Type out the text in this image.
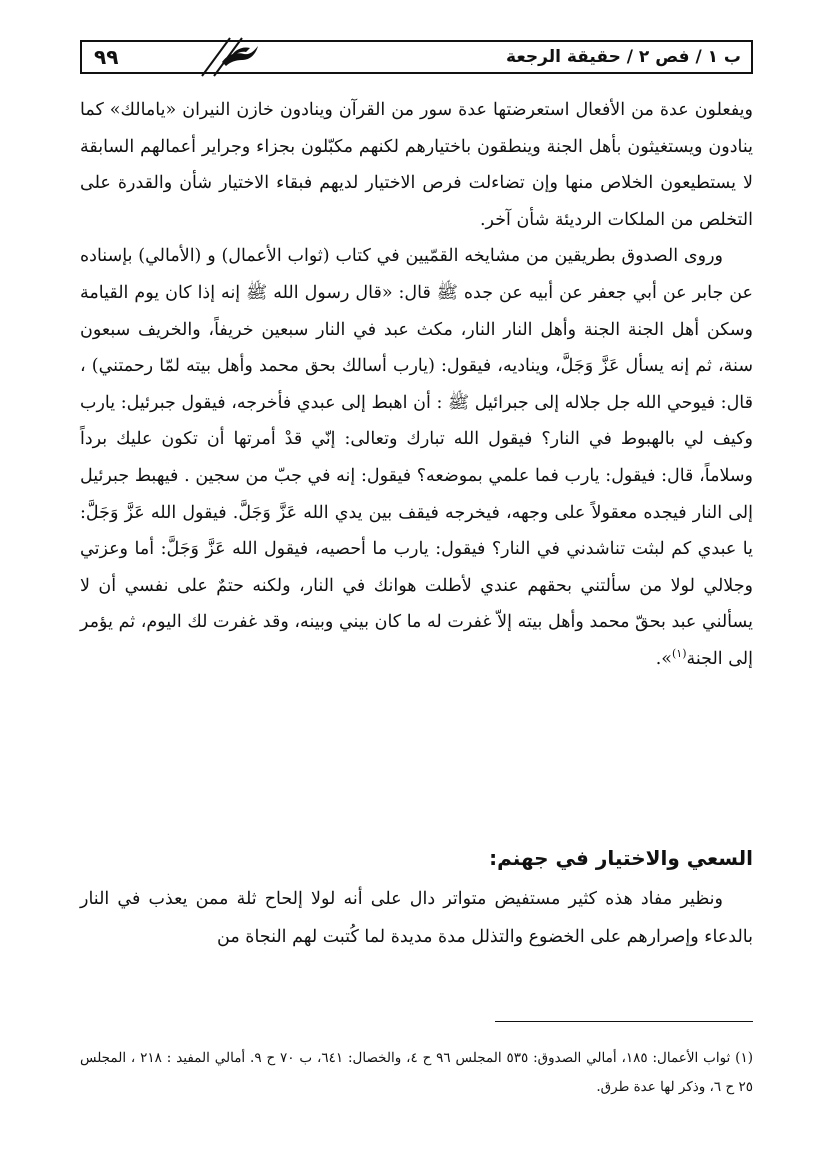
٩٩	ب ١ / فص ٢ / حقيقة الرجعة

ويفعلون عدة من الأفعال استعرضتها عدة سور من القرآن وينادون خازن النيران «يامالك» كما ينادون ويستغيثون بأهل الجنة وينطقون باختيارهم لكنهم مكبّلون بجزاء وجراير أعمالهم السابقة لا يستطيعون الخلاص منها وإن تضاءلت فرص الاختيار لديهم فبقاء الاختيار شأن والقدرة على التخلص من الملكات الرديئة شأن آخر.

وروى الصدوق بطريقين من مشايخه القمّيين في كتاب (ثواب الأعمال) و (الأمالي) بإسناده عن جابر عن أبي جعفر عن أبيه عن جده ﷺ قال: «قال رسول الله ﷺ إنه إذا كان يوم القيامة وسكن أهل الجنة الجنة وأهل النار النار، مكث عبد في النار سبعين خريفاً، والخريف سبعون سنة، ثم إنه يسأل عَزَّ وَجَلَّ، ويناديه، فيقول: (يارب أسالك بحق محمد وأهل بيته لمّا رحمتني) ، قال: فيوحي الله جل جلاله إلى جبرائيل ﷺ : أن اهبط إلى عبدي فأخرجه، فيقول جبرئيل: يارب وكيف لي بالهبوط في النار؟ فيقول الله تبارك وتعالى: إنّي قدْ أمرتها أن تكون عليك برداً وسلاماً، قال: فيقول: يارب فما علمي بموضعه؟ فيقول: إنه في جبّ من سجين . فيهبط جبرئيل إلى النار فيجده معقولاً على وجهه، فيخرجه فيقف بين يدي الله عَزَّ وَجَلَّ. فيقول الله عَزَّ وَجَلَّ: يا عبدي كم لبثت تناشدني في النار؟ فيقول: يارب ما أحصيه، فيقول الله عَزَّ وَجَلَّ: أما وعزتي وجلالي لولا من سألتني بحقهم عندي لأطلت هوانك في النار، ولكنه حتمٌ على نفسي أن لا يسألني عبد بحقّ محمد وأهل بيته إلاّ غفرت له ما كان بيني وبينه، وقد غفرت لك اليوم، ثم يؤمر إلى الجنة$^{(١)}$».

السعي والاختيار في جهنم:

ونظير مفاد هذه كثير مستفيض متواتر دال على أنه لولا إلحاح ثلة ممن يعذب في النار بالدعاء وإصرارهم على الخضوع والتذلل مدة مديدة لما كُتبت لهم النجاة من

(١) ثواب الأعمال: ١٨٥، أمالي الصدوق: ٥٣٥ المجلس ٩٦ ح ٤، والخصال: ٦٤١، ب ٧٠ ح ٩. أمالي المفيد : ٢١٨ ، المجلس ٢٥ ح ٦، وذكر لها عدة طرق.
